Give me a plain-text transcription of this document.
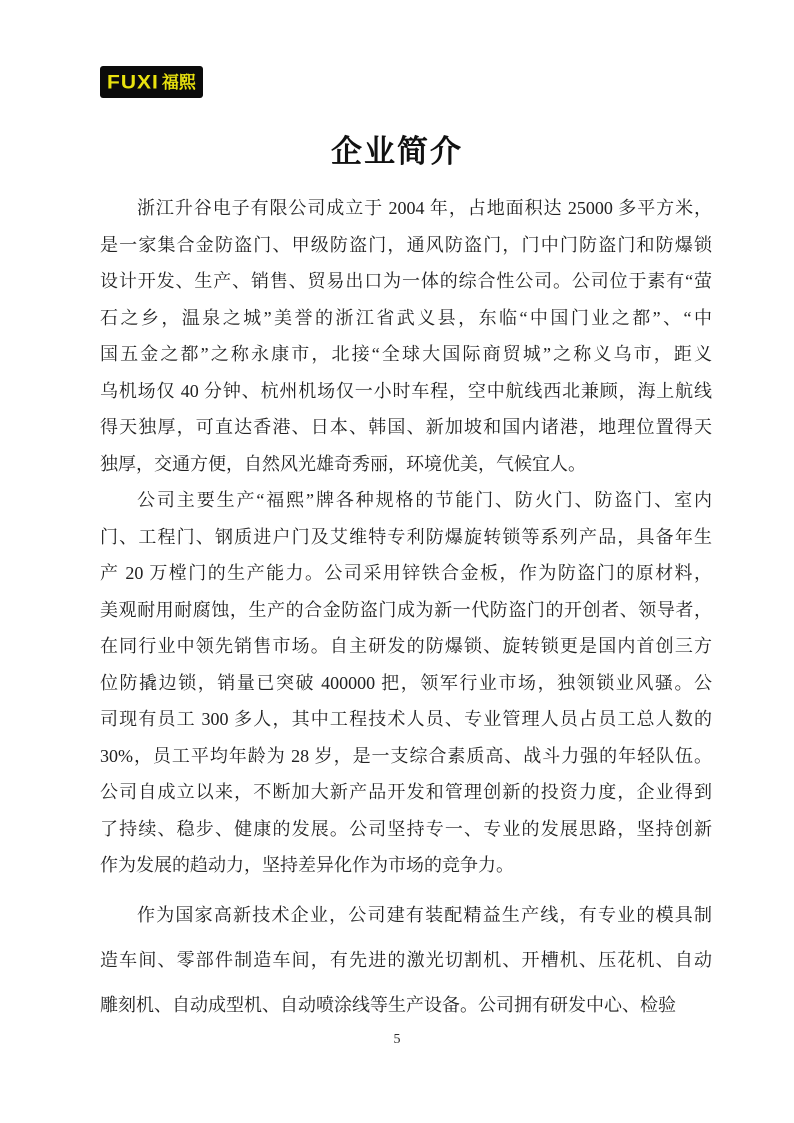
FUXI 福熙
企业简介
浙江升谷电子有限公司成立于 2004 年，占地面积达 25000 多平方米，
是一家集合金防盗门、甲级防盗门，通风防盗门，门中门防盗门和防爆锁
设计开发、生产、销售、贸易出口为一体的综合性公司。公司位于素有“萤
石之乡，温泉之城”美誉的浙江省武义县，东临“中国门业之都”、“中
国五金之都”之称永康市，北接“全球大国际商贸城”之称义乌市，距义
乌机场仅 40 分钟、杭州机场仅一小时车程，空中航线西北兼顾，海上航线
得天独厚，可直达香港、日本、韩国、新加坡和国内诸港，地理位置得天
独厚，交通方便，自然风光雄奇秀丽，环境优美，气候宜人。
公司主要生产“福熙”牌各种规格的节能门、防火门、防盗门、室内
门、工程门、钢质进户门及艾维特专利防爆旋转锁等系列产品，具备年生
产 20 万樘门的生产能力。公司采用锌铁合金板，作为防盗门的原材料，
美观耐用耐腐蚀，生产的合金防盗门成为新一代防盗门的开创者、领导者，
在同行业中领先销售市场。自主研发的防爆锁、旋转锁更是国内首创三方
位防撬边锁，销量已突破 400000 把，领军行业市场，独领锁业风骚。公
司现有员工 300 多人，其中工程技术人员、专业管理人员占员工总人数的
30%，员工平均年龄为 28 岁，是一支综合素质高、战斗力强的年轻队伍。
公司自成立以来，不断加大新产品开发和管理创新的投资力度，企业得到
了持续、稳步、健康的发展。公司坚持专一、专业的发展思路，坚持创新
作为发展的趋动力，坚持差异化作为市场的竞争力。
作为国家高新技术企业，公司建有装配精益生产线，有专业的模具制
造车间、零部件制造车间，有先进的激光切割机、开槽机、压花机、自动
雕刻机、自动成型机、自动喷涂线等生产设备。公司拥有研发中心、检验
5
